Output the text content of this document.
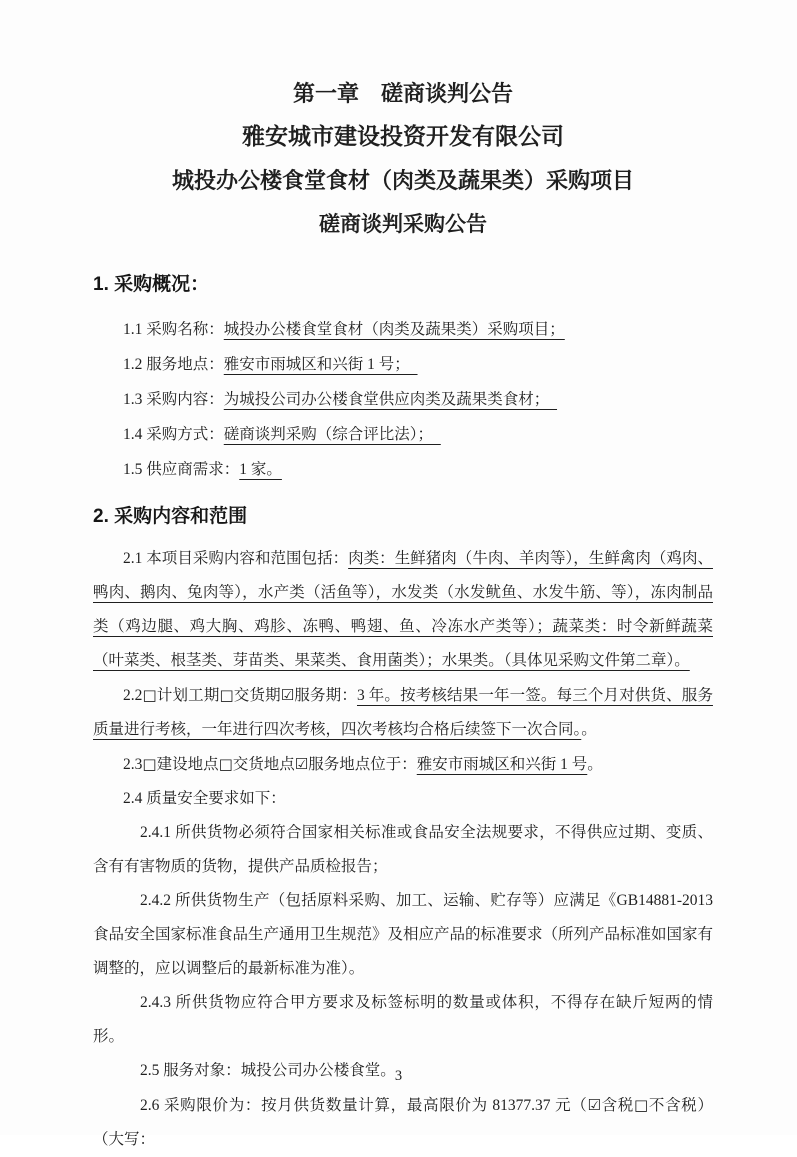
第一章　磋商谈判公告
雅安城市建设投资开发有限公司
城投办公楼食堂食材（肉类及蔬果类）采购项目
磋商谈判采购公告
1. 采购概况：
1.1 采购名称：城投办公楼食堂食材（肉类及蔬果类）采购项目；
1.2 服务地点：雅安市雨城区和兴街 1 号；　
1.3 采购内容：为城投公司办公楼食堂供应肉类及蔬果类食材；　
1.4 采购方式：磋商谈判采购（综合评比法）；　
1.5 供应商需求：1 家。
2. 采购内容和范围

2.1 本项目采购内容和范围包括：肉类：生鲜猪肉（牛肉、羊肉等），生鲜禽肉（鸡肉、鸭肉、鹅肉、兔肉等），水产类（活鱼等），水发类（水发鱿鱼、水发牛筋、等），冻肉制品类（鸡边腿、鸡大胸、鸡胗、冻鸭、鸭翅、鱼、冷冻水产类等）；蔬菜类：时令新鲜蔬菜（叶菜类、根茎类、芽苗类、果菜类、食用菌类）；水果类。（具体见采购文件第二章）。

2.2□计划工期□交货期☑服务期：3 年。按考核结果一年一签。每三个月对供货、服务质量进行考核，一年进行四次考核，四次考核均合格后续签下一次合同。。

2.3□建设地点□交货地点☑服务地点位于：雅安市雨城区和兴街 1 号。

2.4 质量安全要求如下：

2.4.1 所供货物必须符合国家相关标准或食品安全法规要求，不得供应过期、变质、含有有害物质的货物，提供产品质检报告；

2.4.2 所供货物生产（包括原料采购、加工、运输、贮存等）应满足《GB14881-2013 食品安全国家标准食品生产通用卫生规范》及相应产品的标准要求（所列产品标准如国家有调整的，应以调整后的最新标准为准）。

2.4.3 所供货物应符合甲方要求及标签标明的数量或体积，不得存在缺斤短两的情形。

2.5 服务对象：城投公司办公楼食堂。

2.6 采购限价为：按月供货数量计算，最高限价为 81377.37 元（☑含税□不含税）（大写：

3
